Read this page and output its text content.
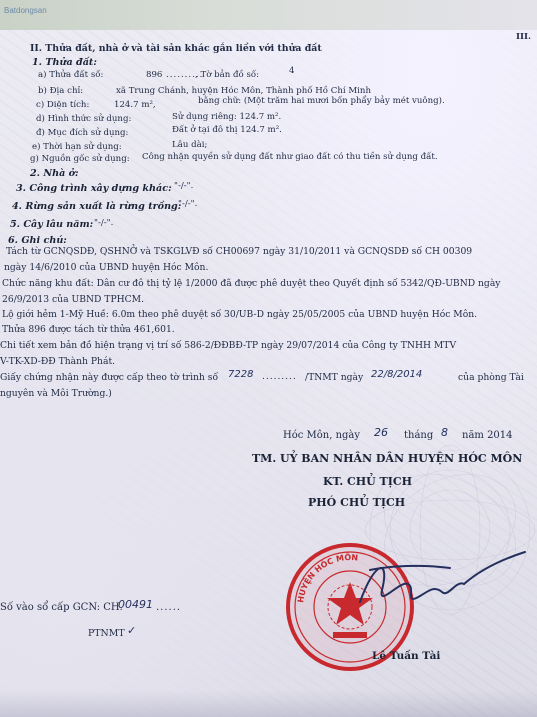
Batdongsan
III.
II. Thửa đất, nhà ở và tài sản khác gắn liền với thửa đất
1. Thửa đất:
a) Thửa đất số:	896 ..........
, Tờ bản đồ số:	4
b) Địa chỉ:	xã Trung Chánh, huyện Hóc Môn, Thành phố Hồ Chí Minh
c) Diện tích:	124.7 m²,	bằng chữ: (Một trăm hai mươi bốn phẩy bảy mét vuông).
d) Hình thức sử dụng:	Sử dụng riêng: 124.7 m².
đ) Mục đích sử dụng:	Đất ở tại đô thị 124.7 m².
e) Thời hạn sử dụng:	Lâu dài;
g) Nguồn gốc sử dụng: Công nhận quyền sử dụng đất như giao đất có thu tiền sử dụng đất.
2. Nhà ở:
3. Công trình xây dựng khác: "-/-".
4. Rừng sản xuất là rừng trồng:
"-/-".
5. Cây lâu năm: "-/-".
6. Ghi chú:
Tách từ GCNQSDĐ, QSHNỞ và TSKGLVĐ số CH00697 ngày 31/10/2011 và GCNQSDĐ số CH 00309
ngày 14/6/2010 của UBND huyện Hóc Môn.
Chức năng khu đất: Dân cư đô thị tỷ lệ 1/2000 đã được phê duyệt theo Quyết định số 5342/QĐ-UBND ngày
26/9/2013 của UBND TPHCM.
Lộ giới hẻm 1-Mỹ Huề: 6.0m theo phê duyệt số 30/UB-D ngày 25/05/2005 của UBND huyện Hóc Môn.
Thửa 896 được tách từ thửa 461,601.
Chi tiết xem bản đồ hiện trạng vị trí số 586-2/ĐĐBĐ-TP ngày 29/07/2014 của Công ty TNHH MTV
V-TK-XD-ĐĐ Thành Phát.
Giấy chứng nhận này được cấp theo tờ trình số 7228 ......... /TNMT ngày 22/8/2014	của phòng Tài
nguyên và Môi Trường.)
Hóc Môn, ngày 26 tháng 8 năm 2014
TM. UỶ BAN NHÂN DÂN HUYỆN HÓC MÔN
KT. CHỦ TỊCH
PHÓ CHỦ TỊCH
HUYỆN HÓC MÔN
Lê Tuấn Tài
Số vào sổ cấp GCN: CH.
00491 ......
PTNMT ✓
